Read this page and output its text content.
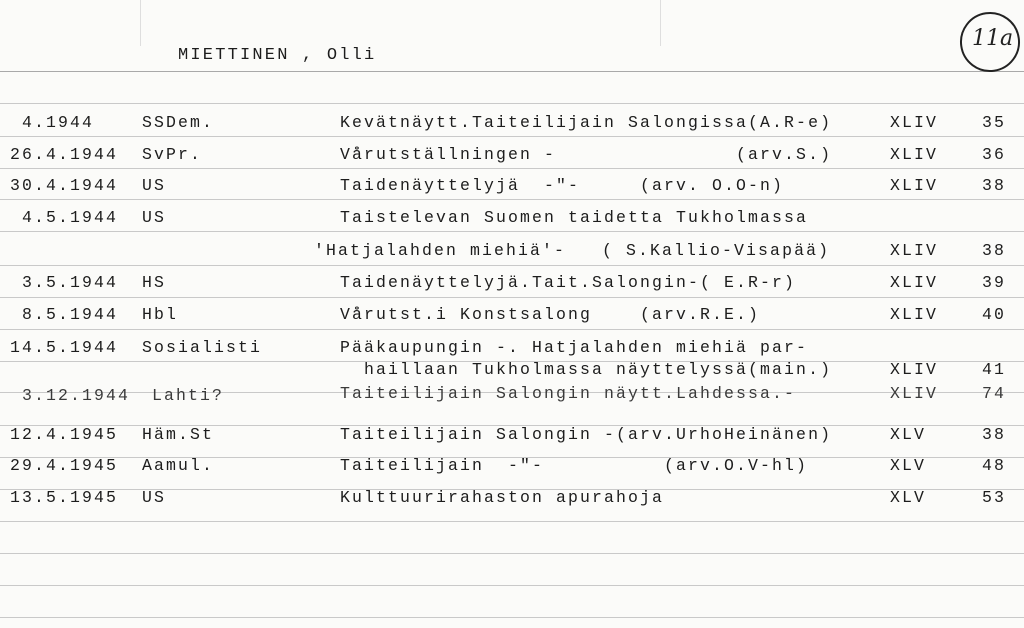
MIETTINEN , Olli
11a
4.1944	SSDem.	Kevätnäytt.Taiteilijain Salongissa(A.R-e)	XLIV	35
26.4.1944 SvPr.	Vårutställningen -               (arv.S.)	XLIV	36
30.4.1944 US	Taidenäyttelyjä  -"-     (arv. O.O-n)	XLIV	38
4.5.1944 US	Taistelevan Suomen taidetta Tukholmassa
'Hatjalahden miehiä'-   ( S.Kallio-Visapää)	XLIV	38
3.5.1944 HS	Taidenäyttelyjä.Tait.Salongin-( E.R-r)	XLIV	39
8.5.1944 Hbl	Vårutst.i Konstsalong    (arv.R.E.)	XLIV	40
14.5.1944 Sosialisti	Pääkaupungin -. Hatjalahden miehiä par-
haillaan Tukholmassa näyttelyssä(main.)	XLIV	41
3.12.1944 Lahti?	Taiteilijain Salongin näytt.Lahdessa.-	XLIV	74
12.4.1945 Häm.St	Taiteilijain Salongin -(arv.UrhoHeinänen)	XLV	38
29.4.1945 Aamul.	Taiteilijain  -"-          (arv.O.V-hl)	XLV	48
13.5.1945 US	Kulttuurirahaston apurahoja	XLV	53
